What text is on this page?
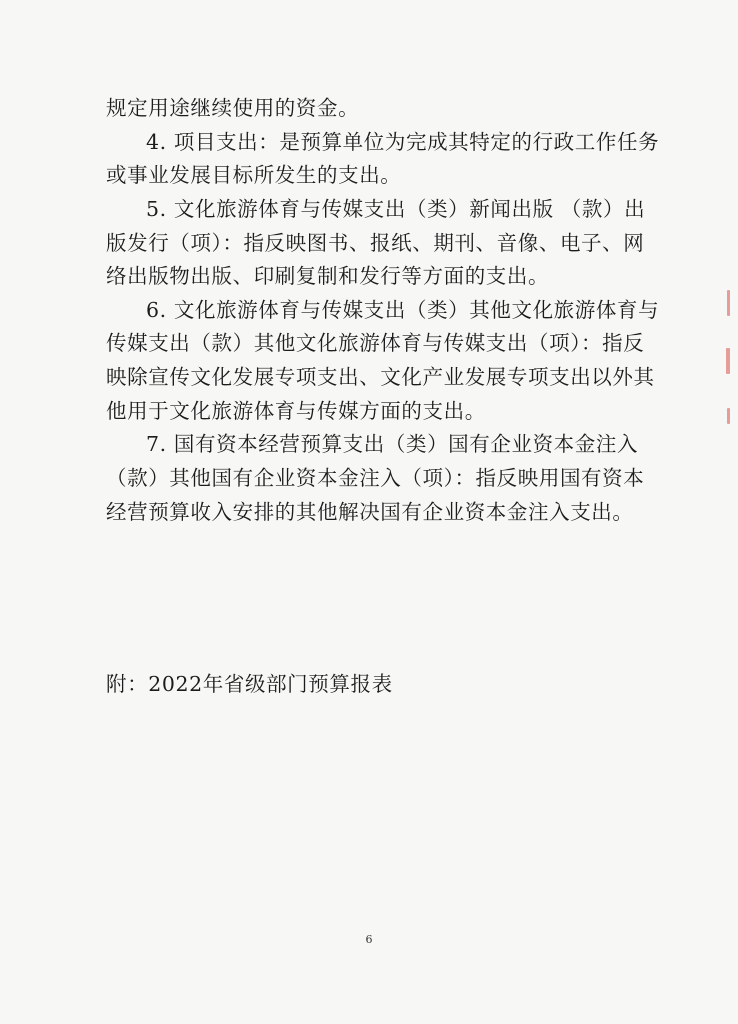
规定用途继续使用的资金。
4. 项目支出：是预算单位为完成其特定的行政工作任务
或事业发展目标所发生的支出。
5. 文化旅游体育与传媒支出（类）新闻出版 （款）出
版发行（项）：指反映图书、报纸、期刊、音像、电子、网
络出版物出版、印刷复制和发行等方面的支出。
6. 文化旅游体育与传媒支出（类）其他文化旅游体育与
传媒支出（款）其他文化旅游体育与传媒支出（项）：指反
映除宣传文化发展专项支出、文化产业发展专项支出以外其
他用于文化旅游体育与传媒方面的支出。
7. 国有资本经营预算支出（类）国有企业资本金注入
（款）其他国有企业资本金注入（项）：指反映用国有资本
经营预算收入安排的其他解决国有企业资本金注入支出。
附：2022年省级部门预算报表
6
